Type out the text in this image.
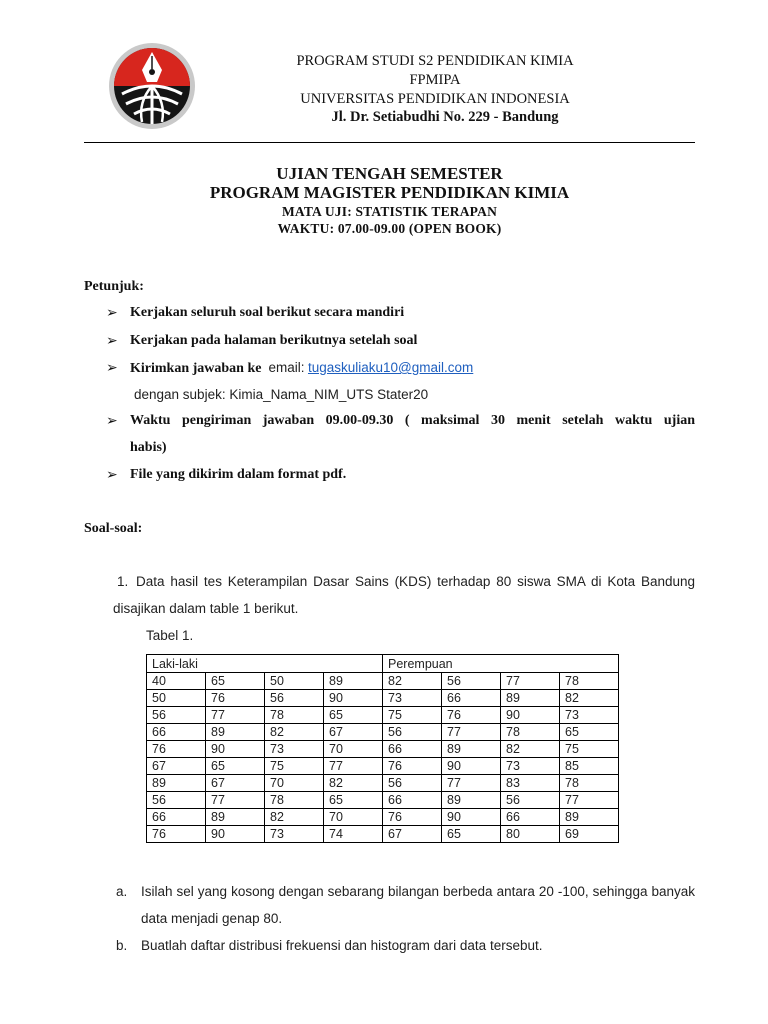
PROGRAM STUDI S2 PENDIDIKAN KIMIA
FPMIPA
UNIVERSITAS PENDIDIKAN INDONESIA
Jl. Dr. Setiabudhi No. 229 - Bandung
UJIAN TENGAH SEMESTER
PROGRAM MAGISTER PENDIDIKAN KIMIA
MATA UJI: STATISTIK TERAPAN
WAKTU: 07.00-09.00 (OPEN BOOK)
Petunjuk:
➢ Kerjakan seluruh soal berikut secara mandiri
➢ Kerjakan pada halaman berikutnya setelah soal
➢ Kirimkan jawaban ke email: tugaskuliaku10@gmail.com
dengan subjek: Kimia_Nama_NIM_UTS Stater20
➢ Waktu pengiriman jawaban 09.00-09.30 ( maksimal 30 menit setelah waktu ujian
habis)
➢ File yang dikirim dalam format pdf.
Soal-soal:
1. Data hasil tes Keterampilan Dasar Sains (KDS) terhadap 80 siswa SMA di Kota Bandung
disajikan dalam table 1 berikut.
Tabel 1.
Laki-laki				Perempuan			
40	65	50	89	82	56	77	78
50	76	56	90	73	66	89	82
56	77	78	65	75	76	90	73
66	89	82	67	56	77	78	65
76	90	73	70	66	89	82	75
67	65	75	77	76	90	73	85
89	67	70	82	56	77	83	78
56	77	78	65	66	89	56	77
66	89	82	70	76	90	66	89
76	90	73	74	67	65	80	69
a. Isilah sel yang kosong dengan sebarang bilangan berbeda antara 20 -100, sehingga banyak
data menjadi genap 80.
b. Buatlah daftar distribusi frekuensi dan histogram dari data tersebut.
